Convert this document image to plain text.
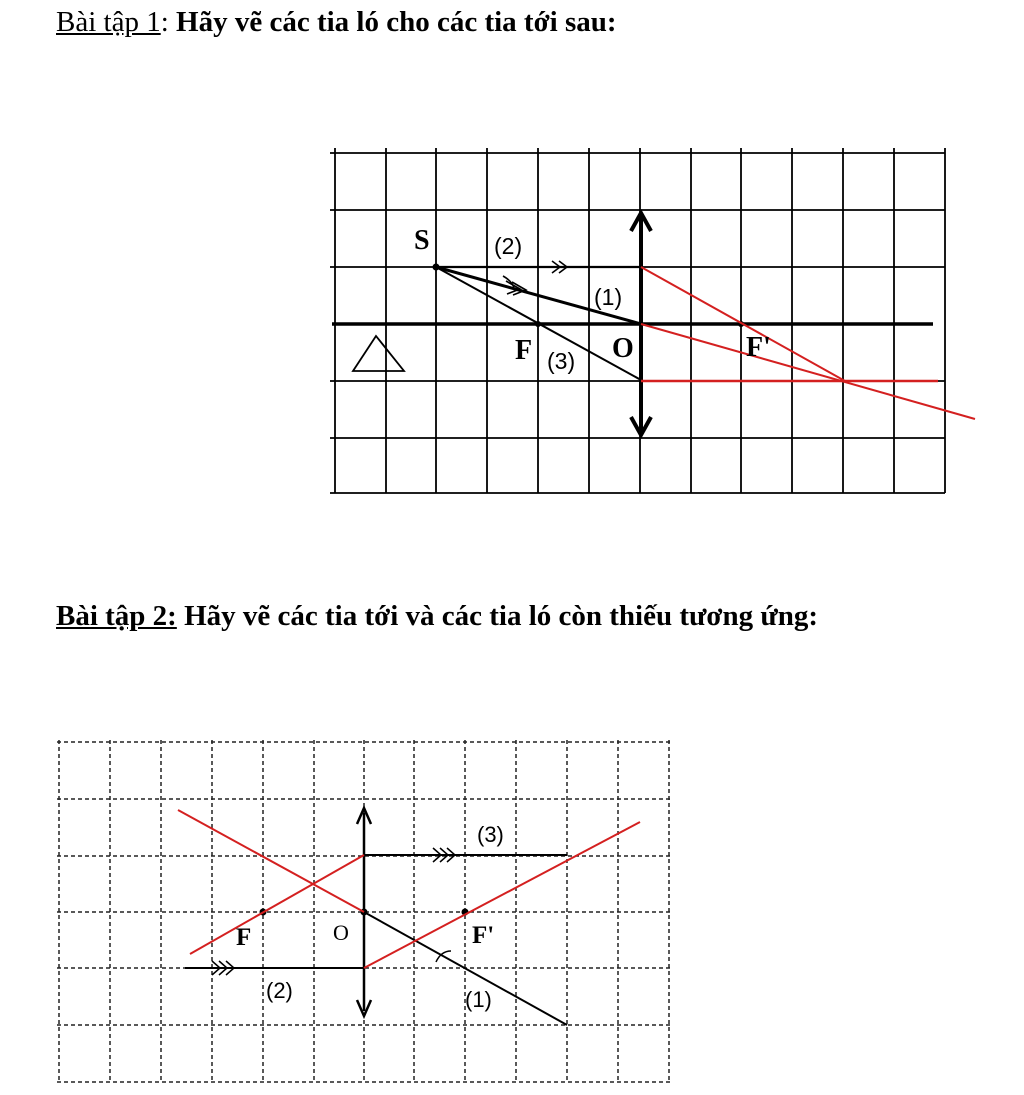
Bài tập 1: Hãy vẽ các tia ló cho các tia tới sau:
Bài tập 2: Hãy vẽ các tia tới và các tia ló còn thiếu tương ứng:
S
F	O	F'
(1)
(2)
(3)
F	O	F'
(1)
(2)
(3)
